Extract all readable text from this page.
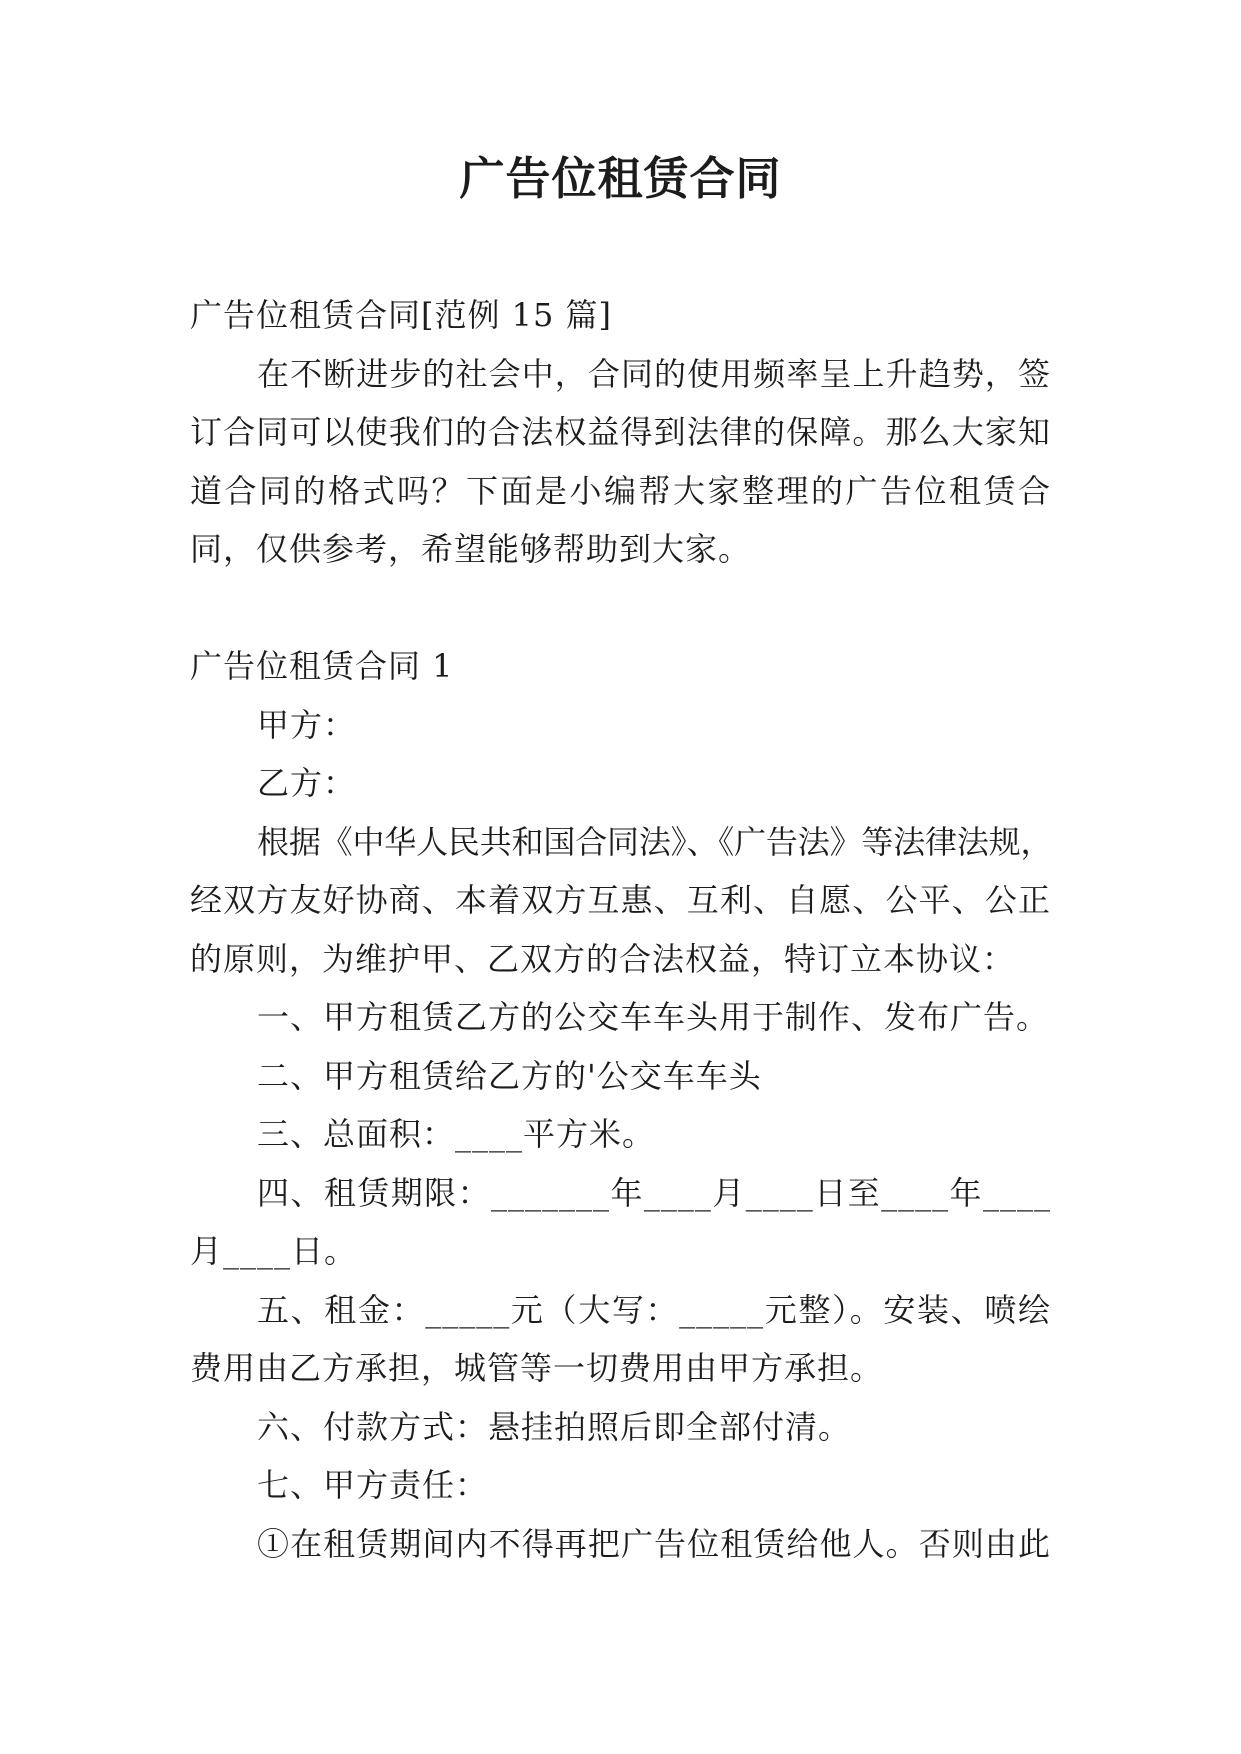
广告位租赁合同
广告位租赁合同[范例 15 篇]
在不断进步的社会中，合同的使用频率呈上升趋势，签
订合同可以使我们的合法权益得到法律的保障。那么大家知
道合同的格式吗？下面是小编帮大家整理的广告位租赁合
同，仅供参考，希望能够帮助到大家。
广告位租赁合同 1
甲方：
乙方：
根据《中华人民共和国合同法》、《广告法》等法律法规，
经双方友好协商、本着双方互惠、互利、自愿、公平、公正
的原则，为维护甲、乙双方的合法权益，特订立本协议：
一、甲方租赁乙方的公交车车头用于制作、发布广告。
二、甲方租赁给乙方的'公交车车头
三、总面积：____平方米。
四、租赁期限：_______年____月____日至____年____
月____日。
五、租金：_____元（大写：_____元整）。安装、喷绘
费用由乙方承担，城管等一切费用由甲方承担。
六、付款方式：悬挂拍照后即全部付清。
七、甲方责任：
①在租赁期间内不得再把广告位租赁给他人。否则由此
